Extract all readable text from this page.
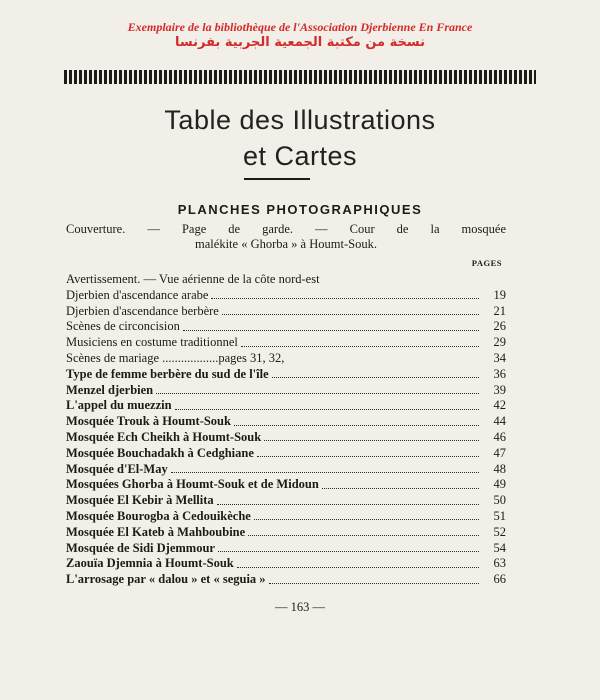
Exemplaire de la bibliothèque de l'Association Djerbienne En France
نسخة من مكتبة الجمعية الجربية بفرنسا
Table des Illustrations
et Cartes
PLANCHES PHOTOGRAPHIQUES
Couverture. — Page de garde. — Cour de la mosquée
malékite « Ghorba » à Houmt-Souk.
PAGES
Avertissement. — Vue aérienne de la côte nord-est
Djerbien d'ascendance arabe	19
Djerbien d'ascendance berbère	21
Scènes de circoncision	26
Musiciens en costume traditionnel	29
Scènes de mariage ..................pages 31, 32,	34
Type de femme berbère du sud de l'île	36
Menzel djerbien	39
L'appel du muezzin	42
Mosquée Trouk à Houmt-Souk	44
Mosquée Ech Cheikh à Houmt-Souk	46
Mosquée Bouchadakh à Cedghiane	47
Mosquée d'El-May	48
Mosquées Ghorba à Houmt-Souk et de Midoun	49
Mosquée El Kebir à Mellita	50
Mosquée Bourogba à Cedouikèche	51
Mosquée El Kateb à Mahboubine	52
Mosquée de Sidi Djemmour	54
Zaouïa Djemnia à Houmt-Souk	63
L'arrosage par « dalou » et « seguia »	66
— 163 —
